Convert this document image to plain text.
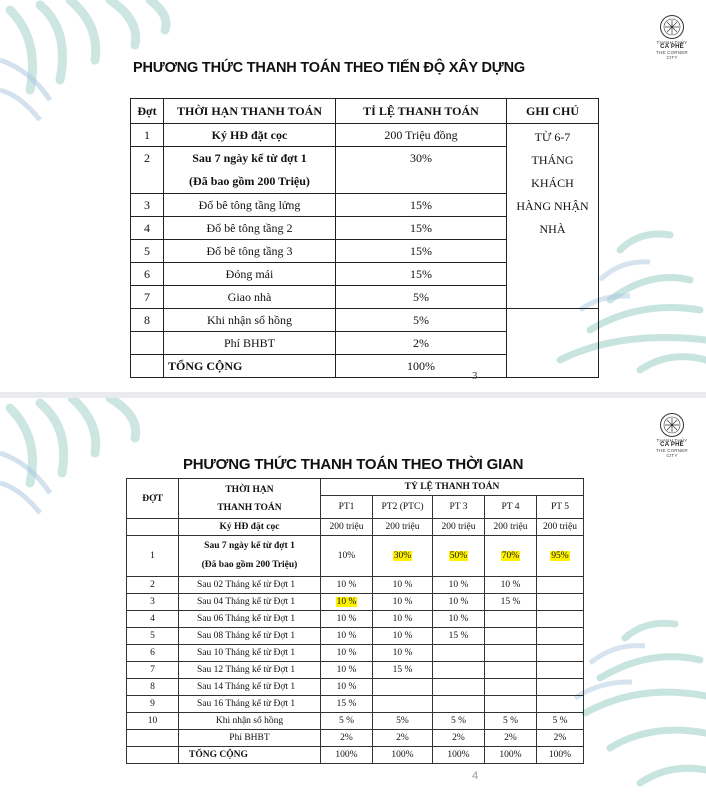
THANH THỦY
CA PHÊ
THE CORNER CITY
PHƯƠNG THỨC THANH TOÁN THEO TIẾN ĐỘ XÂY DỰNG
Đợt	THỜI HẠN THANH TOÁN	TỈ LỆ THANH TOÁN	GHI CHÚ
1	Ký HĐ đặt cọc	200 Triệu đồng	TỪ 6-7
THÁNG
KHÁCH
HÀNG NHẬN
NHÀ

2	Sau 7 ngày kể từ đợt 1
(Đã bao gồm 200 Triệu)	30%	
3	Đổ bê tông tầng lửng	15%	
4	Đổ bê tông tầng 2	15%	
5	Đổ bê tông tầng 3	15%	
6	Đóng mái	15%	
7	Giao nhà	5%	
8	Khi nhận sổ hồng	5%	
	Phí BHBT	2%	
	TỔNG CỘNG	100%	
3
THANH THỦY
CA PHÊ
THE CORNER CITY
PHƯƠNG THỨC THANH TOÁN THEO THỜI GIAN
ĐỢT	THỜI HẠN
THANH TOÁN	TỶ LỆ THANH TOÁN				
		PT1	PT2 (PTC)	PT 3	PT 4	PT 5
	Ký HĐ đặt cọc	200 triệu	200 triệu	200 triệu	200 triệu	200 triệu
1	Sau 7 ngày kể từ đợt 1
(Đã bao gồm 200 Triệu)	10%	30%	50%	70%	95%
2	Sau 02 Tháng kể từ Đợt 1	10 %	10 %	10 %	10 %	
3	Sau 04 Tháng kể từ Đợt 1	10 %	10 %	10 %	15 %	
4	Sau 06 Tháng kể từ Đợt 1	10 %	10 %	10 %		
5	Sau 08 Tháng kể từ Đợt 1	10 %	10 %	15 %		
6	Sau 10 Tháng kể từ Đợt 1	10 %	10 %			
7	Sau 12 Tháng kể từ Đợt 1	10 %	15 %			
8	Sau 14 Tháng kể từ Đợt 1	10 %				
9	Sau 16 Tháng kể từ Đợt 1	15 %				
10	Khi nhận sổ hồng	5 %	5%	5 %	5 %	5 %
	Phí BHBT	2%	2%	2%	2%	2%
	TỔNG CỘNG	100%	100%	100%	100%	100%
4
